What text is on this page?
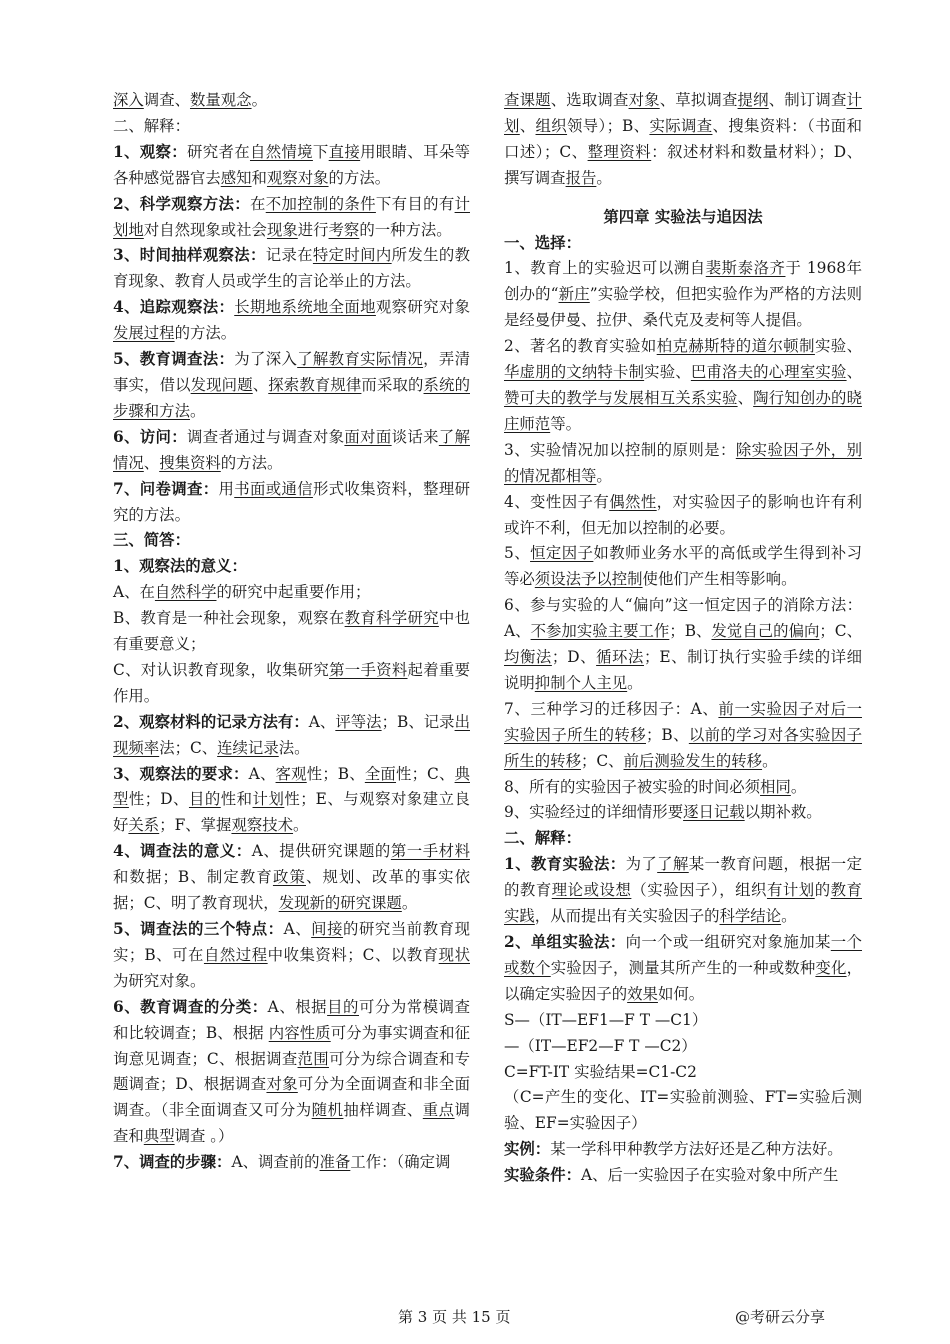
深入调查、数量观念。

二、解释：

1、观察：研究者在自然情境下直接用眼睛、耳朵等各种感觉器官去感知和观察对象的方法。

2、科学观察方法：在不加控制的条件下有目的有计划地对自然现象或社会现象进行考察的一种方法。

3、时间抽样观察法：记录在特定时间内所发生的教育现象、教育人员或学生的言论举止的方法。

4、追踪观察法：长期地系统地全面地观察研究对象发展过程的方法。

5、教育调查法：为了深入了解教育实际情况，弄清事实，借以发现问题、探索教育规律而采取的系统的步骤和方法。

6、访问：调查者通过与调查对象面对面谈话来了解情况、搜集资料的方法。

7、问卷调查：用书面或通信形式收集资料，整理研究的方法。

三、简答：

1、观察法的意义：

A、在自然科学的研究中起重要作用；

B、教育是一种社会现象，观察在教育科学研究中也有重要意义；

C、对认识教育现象，收集研究第一手资料起着重要作用。

2、观察材料的记录方法有：A、评等法；B、记录出现频率法；C、连续记录法。

3、观察法的要求：A、客观性；B、全面性；C、典型性；D、目的性和计划性；E、与观察对象建立良好关系；F、掌握观察技术。

4、调查法的意义：A、提供研究课题的第一手材料和数据；B、制定教育政策、规划、改革的事实依据；C、明了教育现状，发现新的研究课题。

5、调查法的三个特点：A、间接的研究当前教育现实；B、可在自然过程中收集资料；C、以教育现状为研究对象。

6、教育调查的分类：A、根据目的可分为常模调查和比较调查；B、根据 内容性质可分为事实调查和征询意见调查；C、根据调查范围可分为综合调查和专题调查；D、根据调查对象可分为全面调查和非全面调查。（非全面调查又可分为随机抽样调查、重点调查和典型调查 。）

7、调查的步骤：A、调查前的准备工作：（确定调

查课题、选取调查对象、草拟调查提纲、制订调查计划、组织领导）；B、实际调查、搜集资料：（书面和口述）；C、整理资料：叙述材料和数量材料）；D、撰写调查报告。

第四章 实验法与追因法

一、选择：

1、教育上的实验迟可以溯自裴斯泰洛齐于 1968年创办的“新庄”实验学校，但把实验作为严格的方法则是经曼伊曼、拉伊、桑代克及麦柯等人提倡。

2、著名的教育实验如柏克赫斯特的道尔顿制实验、华虚朋的文纳特卡制实验、巴甫洛夫的心理室实验、赞可夫的教学与发展相互关系实验、陶行知创办的晓庄师范等。

3、实验情况加以控制的原则是：除实验因子外，别的情况都相等。

4、变性因子有偶然性，对实验因子的影响也许有利或许不利，但无加以控制的必要。

5、恒定因子如教师业务水平的高低或学生得到补习等必须设法予以控制使他们产生相等影响。

6、参与实验的人“偏向”这一恒定因子的消除方法：A、不参加实验主要工作；B、发觉自己的偏向；C、均衡法；D、循环法；E、制订执行实验手续的详细说明抑制个人主见。

7、三种学习的迁移因子：A、前一实验因子对后一实验因子所生的转移；B、以前的学习对各实验因子所生的转移；C、前后测验发生的转移。

8、所有的实验因子被实验的时间必须相同。

9、实验经过的详细情形要逐日记载以期补救。

二、解释：

1、教育实验法：为了了解某一教育问题，根据一定的教育理论或设想（实验因子），组织有计划的教育实践，从而提出有关实验因子的科学结论。

2、单组实验法：向一个或一组研究对象施加某一个或数个实验因子，测量其所产生的一种或数种变化，以确定实验因子的效果如何。

S—（IT—EF1—F T —C1）

—（IT—EF2—F T —C2）

C=FT-IT 实验结果=C1-C2

（C=产生的变化、IT=实验前测验、FT=实验后测验、EF=实验因子）

实例：某一学科甲种教学方法好还是乙种方法好。

实验条件：A、后一实验因子在实验对象中所产生

第 3 页 共 15 页	@考研云分享
